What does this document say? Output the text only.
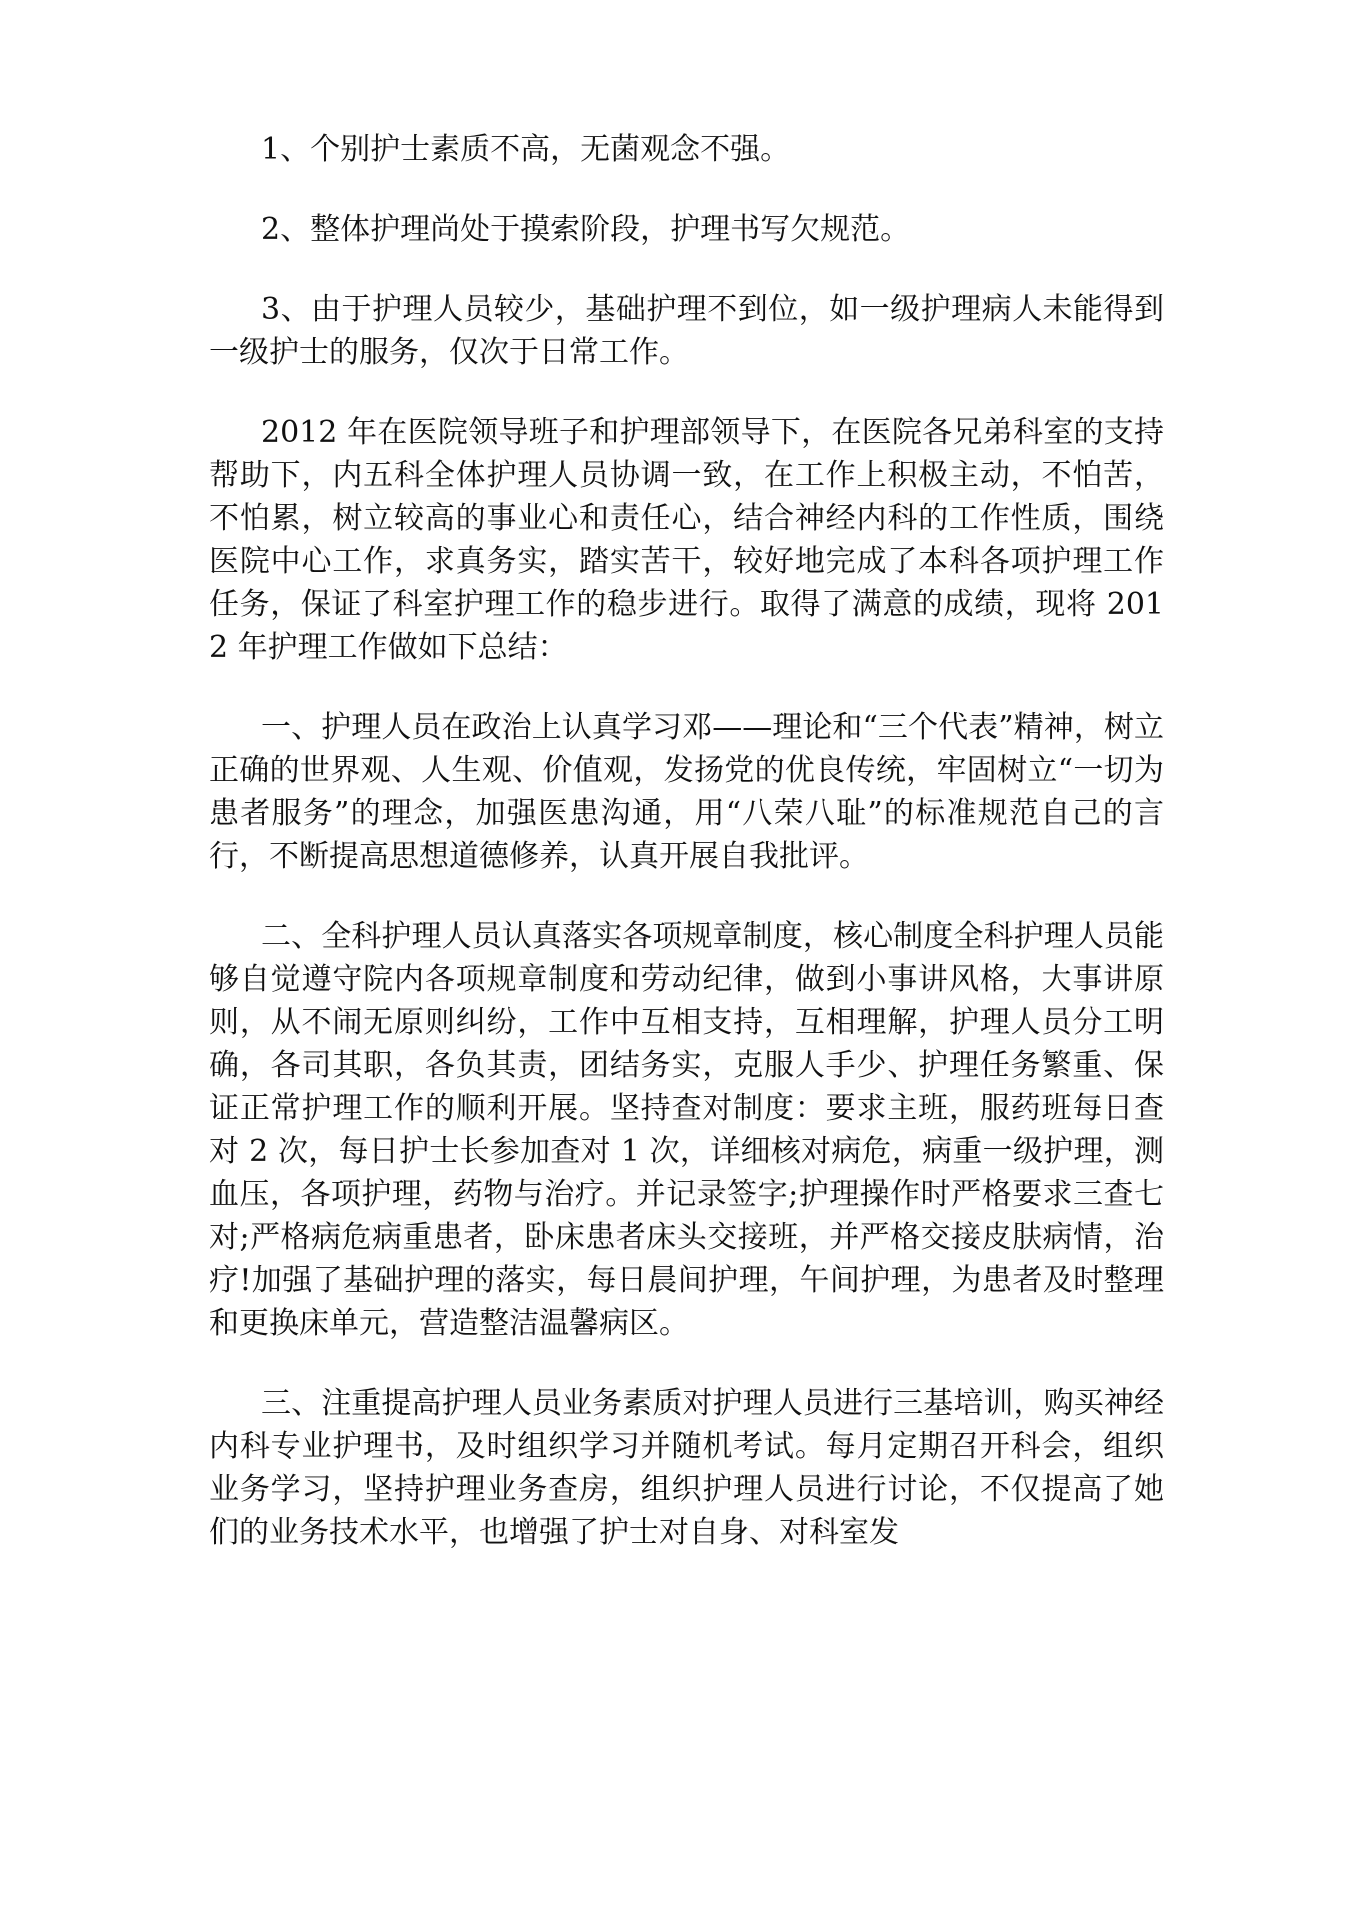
1、个别护士素质不高，无菌观念不强。

2、整体护理尚处于摸索阶段，护理书写欠规范。

3、由于护理人员较少，基础护理不到位，如一级护理病人未能得到一级护士的服务，仅次于日常工作。

2012 年在医院领导班子和护理部领导下，在医院各兄弟科室的支持帮助下，内五科全体护理人员协调一致，在工作上积极主动，不怕苦，不怕累，树立较高的事业心和责任心，结合神经内科的工作性质，围绕医院中心工作，求真务实，踏实苦干，较好地完成了本科各项护理工作任务，保证了科室护理工作的稳步进行。取得了满意的成绩，现将 2012 年护理工作做如下总结：

一、护理人员在政治上认真学习邓——理论和“三个代表”精神，树立正确的世界观、人生观、价值观，发扬党的优良传统，牢固树立“一切为患者服务”的理念，加强医患沟通，用“八荣八耻”的标准规范自己的言行，不断提高思想道德修养，认真开展自我批评。

二、全科护理人员认真落实各项规章制度，核心制度全科护理人员能够自觉遵守院内各项规章制度和劳动纪律，做到小事讲风格，大事讲原则，从不闹无原则纠纷，工作中互相支持，互相理解，护理人员分工明确，各司其职，各负其责，团结务实，克服人手少、护理任务繁重、保证正常护理工作的顺利开展。坚持查对制度：要求主班，服药班每日查对 2 次，每日护士长参加查对 1 次，详细核对病危，病重一级护理，测血压，各项护理，药物与治疗。并记录签字;护理操作时严格要求三查七对;严格病危病重患者，卧床患者床头交接班，并严格交接皮肤病情，治疗!加强了基础护理的落实，每日晨间护理，午间护理，为患者及时整理和更换床单元，营造整洁温馨病区。

三、注重提高护理人员业务素质对护理人员进行三基培训，购买神经内科专业护理书，及时组织学习并随机考试。每月定期召开科会，组织业务学习，坚持护理业务查房，组织护理人员进行讨论，不仅提高了她们的业务技术水平，也增强了护士对自身、对科室发
